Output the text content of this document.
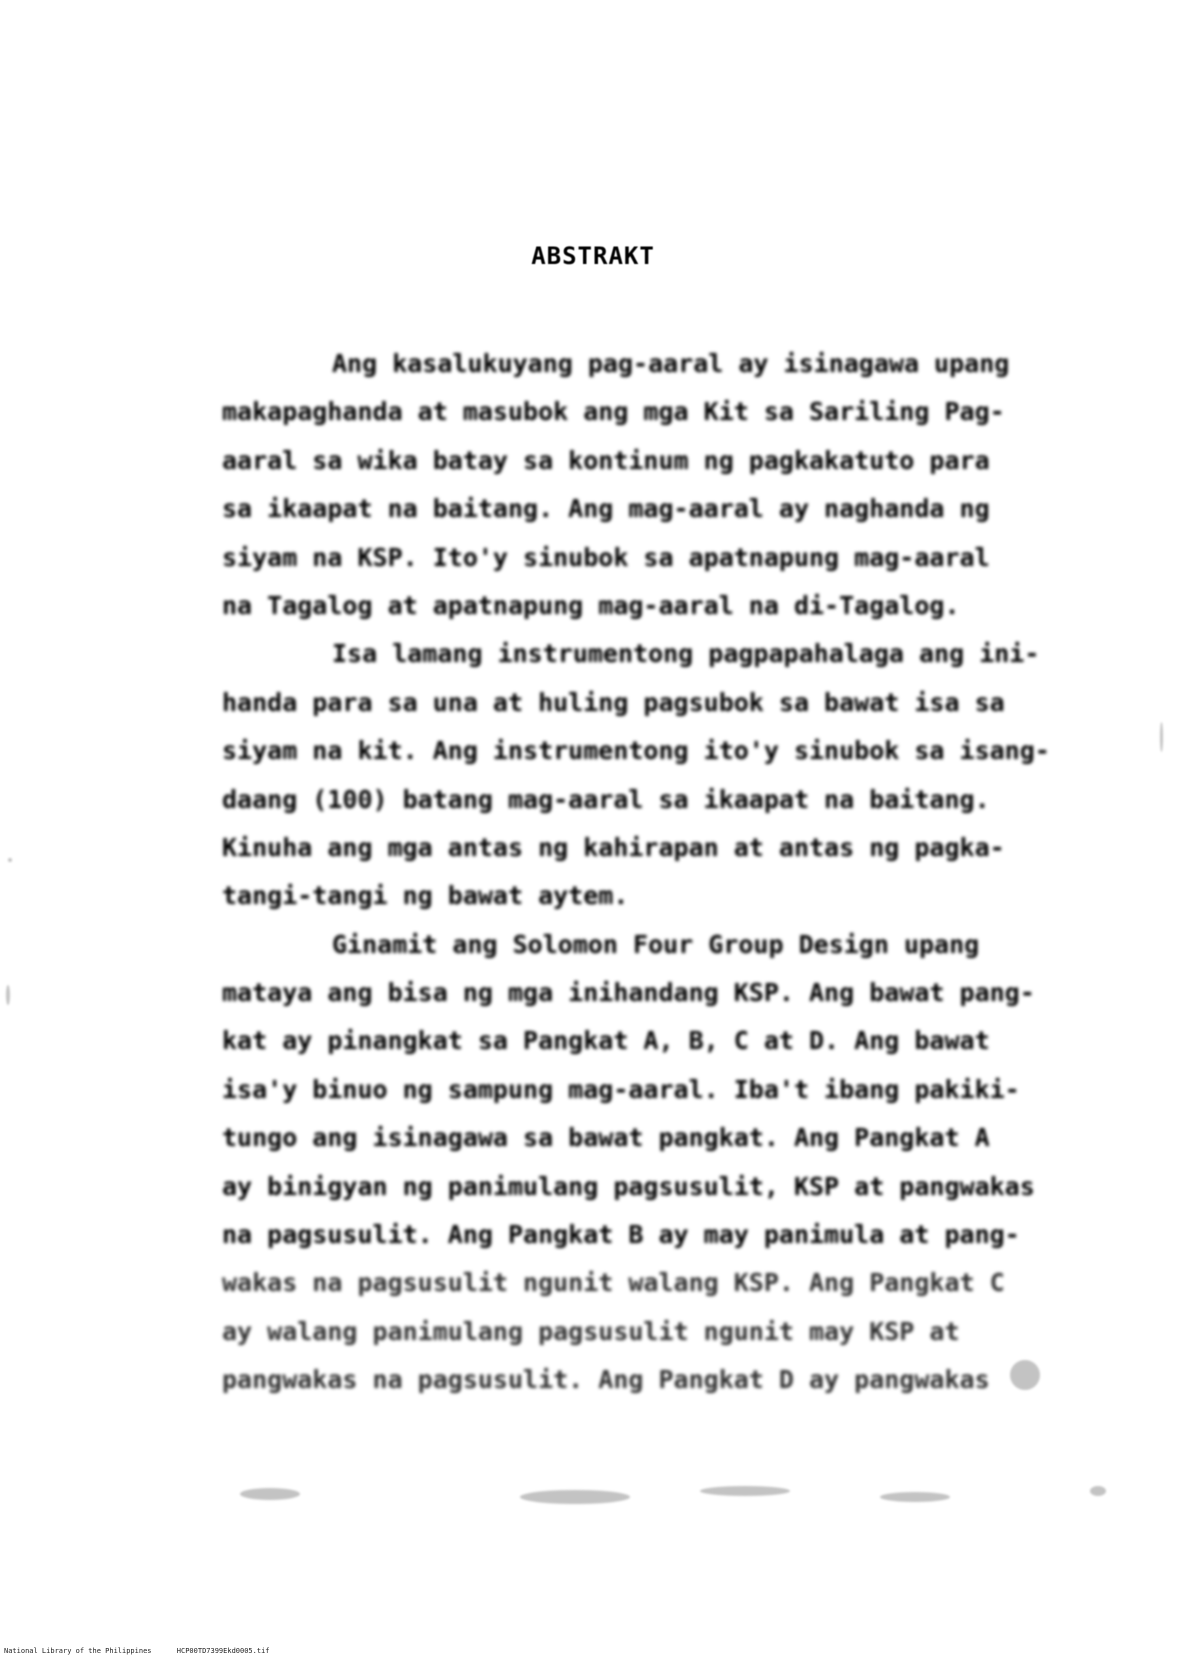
ABSTRAKT
Ang kasalukuyang pag-aaral ay isinagawa upang
makapaghanda at masubok ang mga Kit sa Sariling Pag-
aaral sa wika batay sa kontinum ng pagkakatuto para
sa ikaapat na baitang. Ang mag-aaral ay naghanda ng
siyam na KSP. Ito'y sinubok sa apatnapung mag-aaral
na Tagalog at apatnapung mag-aaral na di-Tagalog.
Isa lamang instrumentong pagpapahalaga ang ini-
handa para sa una at huling pagsubok sa bawat isa sa
siyam na kit. Ang instrumentong ito'y sinubok sa isang-
daang (100) batang mag-aaral sa ikaapat na baitang.
Kinuha ang mga antas ng kahirapan at antas ng pagka-
tangi-tangi ng bawat aytem.
Ginamit ang Solomon Four Group Design upang
mataya ang bisa ng mga inihandang KSP. Ang bawat pang-
kat ay pinangkat sa Pangkat A, B, C at D. Ang bawat
isa'y binuo ng sampung mag-aaral. Iba't ibang pakiki-
tungo ang isinagawa sa bawat pangkat. Ang Pangkat A
ay binigyan ng panimulang pagsusulit, KSP at pangwakas
na pagsusulit. Ang Pangkat B ay may panimula at pang-
wakas na pagsusulit ngunit walang KSP. Ang Pangkat C
ay walang panimulang pagsusulit ngunit may KSP at
pangwakas na pagsusulit. Ang Pangkat D ay pangwakas
National Library of the Philippines      HCP00TD7399Ekd0005.tif
